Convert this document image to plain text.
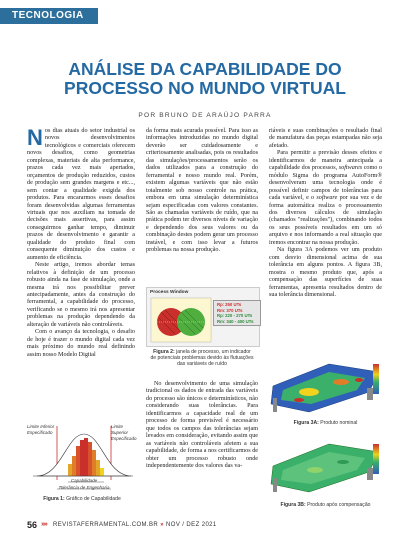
TECNOLOGIA
ANÁLISE DA CAPABILIDADE DO
PROCESSO NO MUNDO VIRTUAL
POR BRUNO DE ARAÚJO PARRA

Nos dias atuais do setor industrial os novos desenvolvimentos tecnológicos e comerciais oferecem novos desafios, como geometrias complexas, materiais de alta performance, prazos cada vez mais apertados, orçamentos de produção reduzidos, custos de produção sem grandes margens e etc..., sem contar a qualidade exigida dos produtos. Para encararmos esses desafios foram desenvolvidas algumas ferramentas virtuais que nos auxiliam na tomada de decisões mais assertivas, para assim conseguirmos ganhar tempo, diminuir prazos de desenvolvimento e garantir a qualidade do produto final com consequente diminuição dos custos e aumento de eficiência.

Neste artigo, iremos abordar temas relativos à definição de um processo robusto ainda na fase de simulação, onde a mesma irá nos possibilitar prever antecipadamente, antes da construção do ferramental, a capabilidade do processo, verificando se o mesmo irá nos apresentar problemas na produção dependendo da alteração de variáveis não controláveis.

Com o avanço da tecnologia, o desafio de hoje é trazer o mundo digital cada vez mais próximo do mundo real definindo assim nosso Modelo Digital

Limite Inferior Especificado
Limite Superior Especificado
Capabilidade
Tolerância de Engenharia
Figura 1: Gráfico de Capabilidade

da forma mais acurada possível. Para isso as informações introduzidas no mundo digital deverão ser cuidadosamente e criteriosamente analisadas, pois os resultados das simulações/processamentos serão os dados utilizados para a construção do ferramental e nosso mundo real. Porém, existem algumas variáveis que não estão totalmente sob nosso controle na prática, embora em uma simulação determinística sejam especificadas com valores constantes. São as chamadas variáveis de ruído, que na prática podem ter diversos níveis de variação e dependendo dos seus valores ou da combinação destes podem gerar um processo instável, e com isso levar a futuros problemas na nossa produção.

Process Window
Rp: 250 UTs
Rm: 370 UTs
Rp: 220 - 270 UTs
Rm: 340 - 400 UTs
Figura 2: janela de processo, um indicador de potenciais problemas devido às flutuações das variáveis de ruído

No desenvolvimento de uma simulação tradicional os dados de entrada das variáveis do processo são únicos e determinísticos, não considerando suas tolerâncias. Para identificarmos a capacidade real de um processo de forma previsível é necessário que todos os campos das tolerâncias sejam levados em consideração, evitando assim que as variáveis não controláveis afetem a sua capabilidade, de forma a nos certificarmos de obter um processo robusto onde independentemente dos valores das va-

riáveis e suas combinações o resultado final de manufatura das peças estampadas não seja afetado.

Para permitir a previsão desses efeitos e identificarmos de maneira antecipada a capabilidade dos processos, softwares como o módulo Sigma do programa AutoForm® desenvolveram uma tecnologia onde é possível definir campos de tolerâncias para cada variável, e o software por sua vez e de forma automática realiza o processamento dos diversos cálculos de simulação (chamados "realizações"), combinando todos os seus possíveis resultados em um só arquivo e nos informando a real situação que iremos encontrar na nossa produção.

Na figura 3A podemos ver um produto com desvio dimensional acima de sua tolerância em alguns pontos. A figura 3B, mostra o mesmo produto que, após a compensação das superfícies de suas ferramentas, apresenta resultados dentro de sua tolerância dimensional.

Figura 3A: Produto nominal
Figura 3B: Produto após compensação
56 »» REVISTAFERRAMENTAL.COM.BR » NOV / DEZ 2021
